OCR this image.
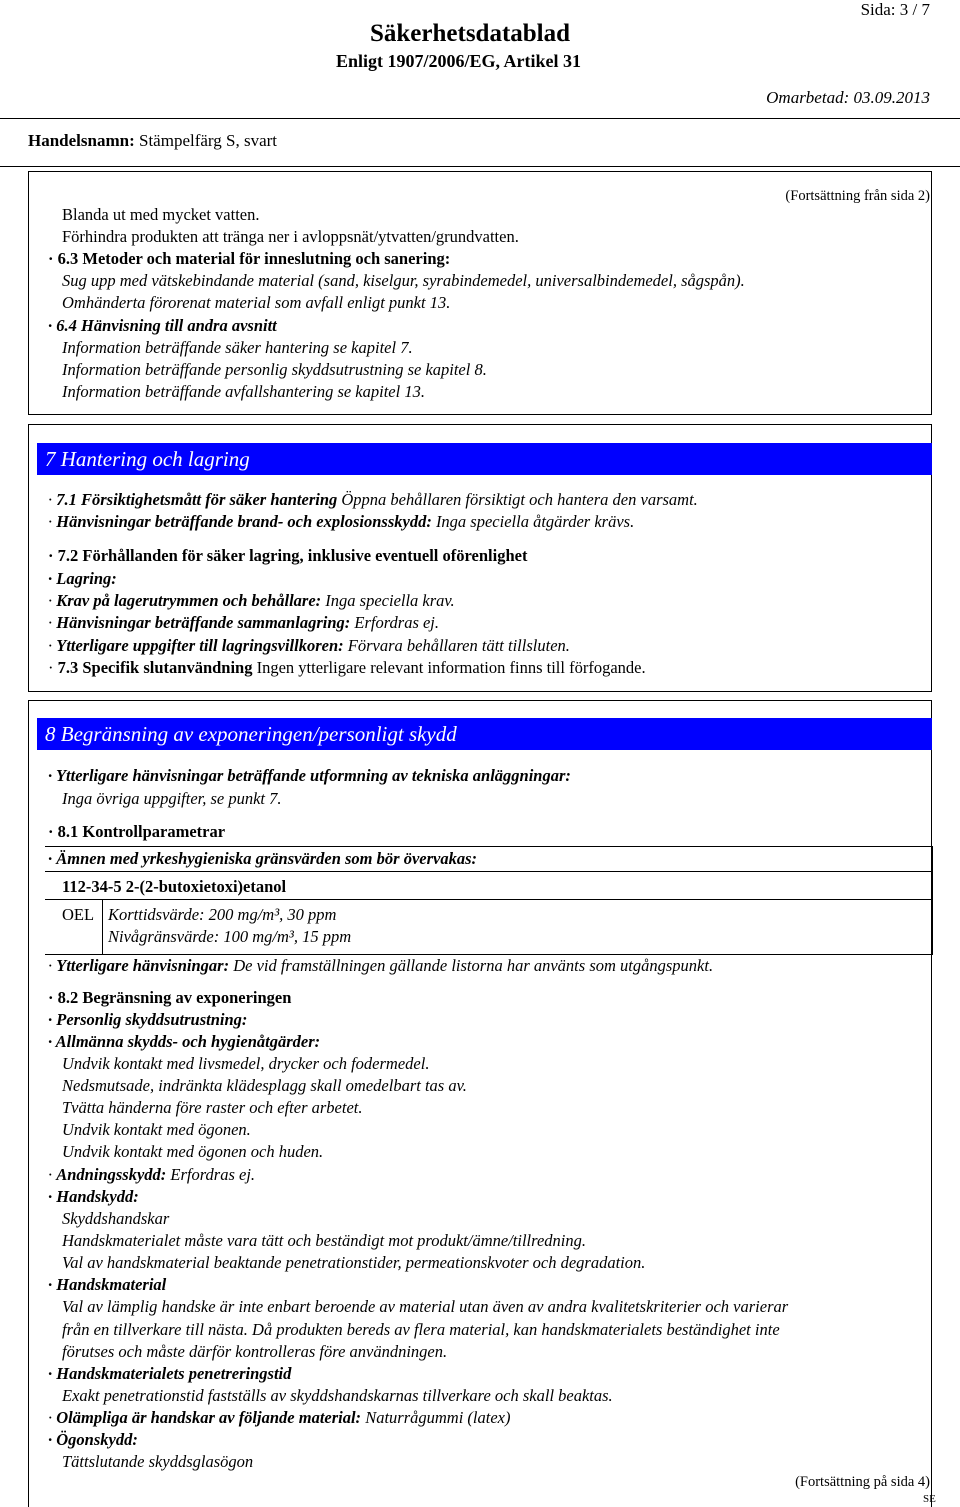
Sida: 3 / 7
Säkerhetsdatablad
Enligt 1907/2006/EG, Artikel 31
Omarbetad: 03.09.2013
Handelsnamn: Stämpelfärg S, svart
(Fortsättning från sida 2)
Blanda ut med mycket vatten.
Förhindra produkten att tränga ner i avloppsnät/ytvatten/grundvatten.
· 6.3 Metoder och material för inneslutning och sanering:
Sug upp med vätskebindande material (sand, kiselgur, syrabindemedel, universalbindemedel, sågspån).
Omhänderta förorenat material som avfall enligt punkt 13.
· 6.4 Hänvisning till andra avsnitt
Information beträffande säker hantering se kapitel 7.
Information beträffande personlig skyddsutrustning se kapitel 8.
Information beträffande avfallshantering se kapitel 13.
7 Hantering och lagring
· 7.1 Försiktighetsmått för säker hantering Öppna behållaren försiktigt och hantera den varsamt.
· Hänvisningar beträffande brand- och explosionsskydd: Inga speciella åtgärder krävs.
· 7.2 Förhållanden för säker lagring, inklusive eventuell oförenlighet
· Lagring:
· Krav på lagerutrymmen och behållare: Inga speciella krav.
· Hänvisningar beträffande sammanlagring: Erfordras ej.
· Ytterligare uppgifter till lagringsvillkoren: Förvara behållaren tätt tillsluten.
· 7.3 Specifik slutanvändning Ingen ytterligare relevant information finns till förfogande.
8 Begränsning av exponeringen/personligt skydd
· Ytterligare hänvisningar beträffande utformning av tekniska anläggningar:
Inga övriga uppgifter, se punkt 7.
· 8.1 Kontrollparametrar
· Ämnen med yrkeshygieniska gränsvärden som bör övervakas:
112-34-5 2-(2-butoxietoxi)etanol
OEL Korttidsvärde: 200 mg/m³, 30 ppm
Nivågränsvärde: 100 mg/m³, 15 ppm
· Ytterligare hänvisningar: De vid framställningen gällande listorna har använts som utgångspunkt.
· 8.2 Begränsning av exponeringen
· Personlig skyddsutrustning:
· Allmänna skydds- och hygienåtgärder:
Undvik kontakt med livsmedel, drycker och fodermedel.
Nedsmutsade, indränkta klädesplagg skall omedelbart tas av.
Tvätta händerna före raster och efter arbetet.
Undvik kontakt med ögonen.
Undvik kontakt med ögonen och huden.
· Andningsskydd: Erfordras ej.
· Handskydd:
Skyddshandskar
Handskmaterialet måste vara tätt och beständigt mot produkt/ämne/tillredning.
Val av handskmaterial beaktande penetrationstider, permeationskvoter och degradation.
· Handskmaterial
Val av lämplig handske är inte enbart beroende av material utan även av andra kvalitetskriterier och varierar
från en tillverkare till nästa. Då produkten bereds av flera material, kan handskmaterialets beständighet inte
förutses och måste därför kontrolleras före användningen.
· Handskmaterialets penetreringstid
Exakt penetrationstid fastställs av skyddshandskarnas tillverkare och skall beaktas.
· Olämpliga är handskar av följande material: Naturrågummi (latex)
· Ögonskydd:
Tättslutande skyddsglasögon
(Fortsättning på sida 4)
SE
